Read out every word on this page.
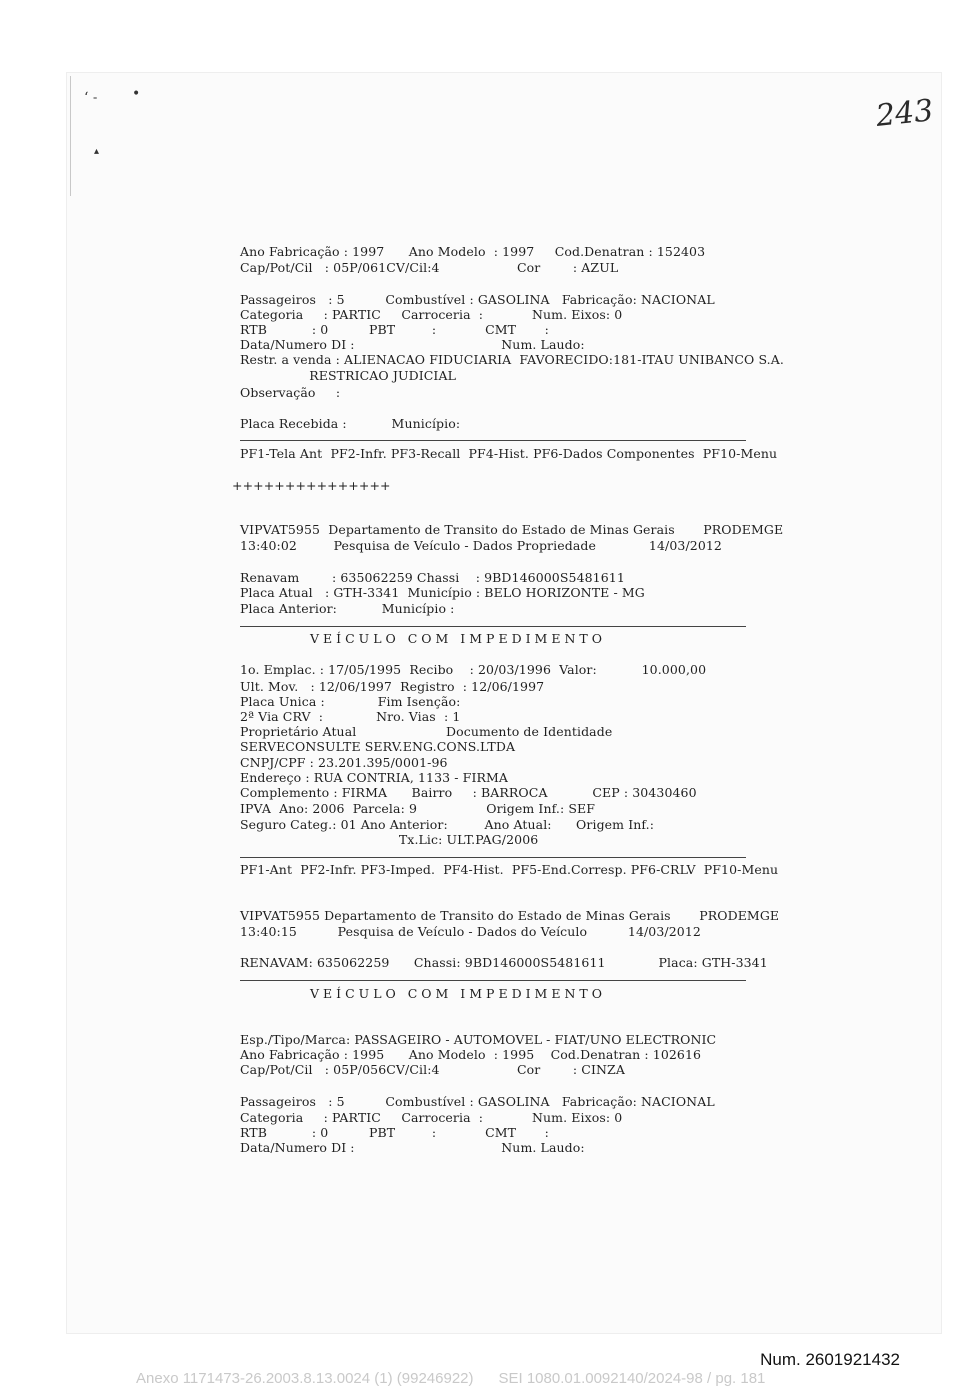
ʻ ˗ •
▴
243
Ano Fabricação : 1997      Ano Modelo  : 1997     Cod.Denatran : 152403
Cap/Pot/Cil   : 05P/061CV/Cil:4                   Cor        : AZUL
Passageiros   : 5          Combustível : GASOLINA   Fabricação: NACIONAL
Categoria     : PARTIC     Carroceria  :            Num. Eixos: 0
RTB           : 0          PBT         :            CMT       :
Data/Numero DI :                                    Num. Laudo:
Restr. a venda : ALIENACAO FIDUCIARIA  FAVORECIDO:181-ITAU UNIBANCO S.A.
RESTRICAO JUDICIAL
Observação     :
Placa Recebida :           Município:
PF1-Tela Ant  PF2-Infr. PF3-Recall  PF4-Hist. PF6-Dados Componentes  PF10-Menu
+++++++++++++++
VIPVAT5955  Departamento de Transito do Estado de Minas Gerais       PRODEMGE
13:40:02         Pesquisa de Veículo - Dados Propriedade             14/03/2012
Renavam        : 635062259 Chassi    : 9BD146000S5481611
Placa Atual   : GTH-3341  Município : BELO HORIZONTE - MG
Placa Anterior:           Município :
VEÍCULO COM IMPEDIMENTO
1o. Emplac. : 17/05/1995  Recibo    : 20/03/1996  Valor:           10.000,00
Ult. Mov.   : 12/06/1997  Registro  : 12/06/1997
Placa Unica :             Fim Isenção:
2ª Via CRV  :             Nro. Vias  : 1
Proprietário Atual                      Documento de Identidade
SERVECONSULTE SERV.ENG.CONS.LTDA
CNPJ/CPF : 23.201.395/0001-96
Endereço : RUA CONTRIA, 1133 - FIRMA
Complemento : FIRMA      Bairro     : BARROCA           CEP : 30430460
IPVA  Ano: 2006  Parcela: 9                 Origem Inf.: SEF
Seguro Categ.: 01 Ano Anterior:         Ano Atual:      Origem Inf.:
Tx.Lic: ULT.PAG/2006
PF1-Ant  PF2-Infr. PF3-Imped.  PF4-Hist.  PF5-End.Corresp. PF6-CRLV  PF10-Menu
VIPVAT5955 Departamento de Transito do Estado de Minas Gerais       PRODEMGE
13:40:15          Pesquisa de Veículo - Dados do Veículo          14/03/2012
RENAVAM: 635062259      Chassi: 9BD146000S5481611             Placa: GTH-3341
VEÍCULO COM IMPEDIMENTO
Esp./Tipo/Marca: PASSAGEIRO - AUTOMOVEL - FIAT/UNO ELECTRONIC
Ano Fabricação : 1995      Ano Modelo  : 1995    Cod.Denatran : 102616
Cap/Pot/Cil   : 05P/056CV/Cil:4                   Cor        : CINZA
Passageiros   : 5          Combustível : GASOLINA   Fabricação: NACIONAL
Categoria     : PARTIC     Carroceria  :            Num. Eixos: 0
RTB           : 0          PBT         :            CMT       :
Data/Numero DI :                                    Num. Laudo:
Num. 2601921432
Anexo 1171473-26.2003.8.13.0024 (1) (99246922)      SEI 1080.01.0092140/2024-98 / pg. 181
